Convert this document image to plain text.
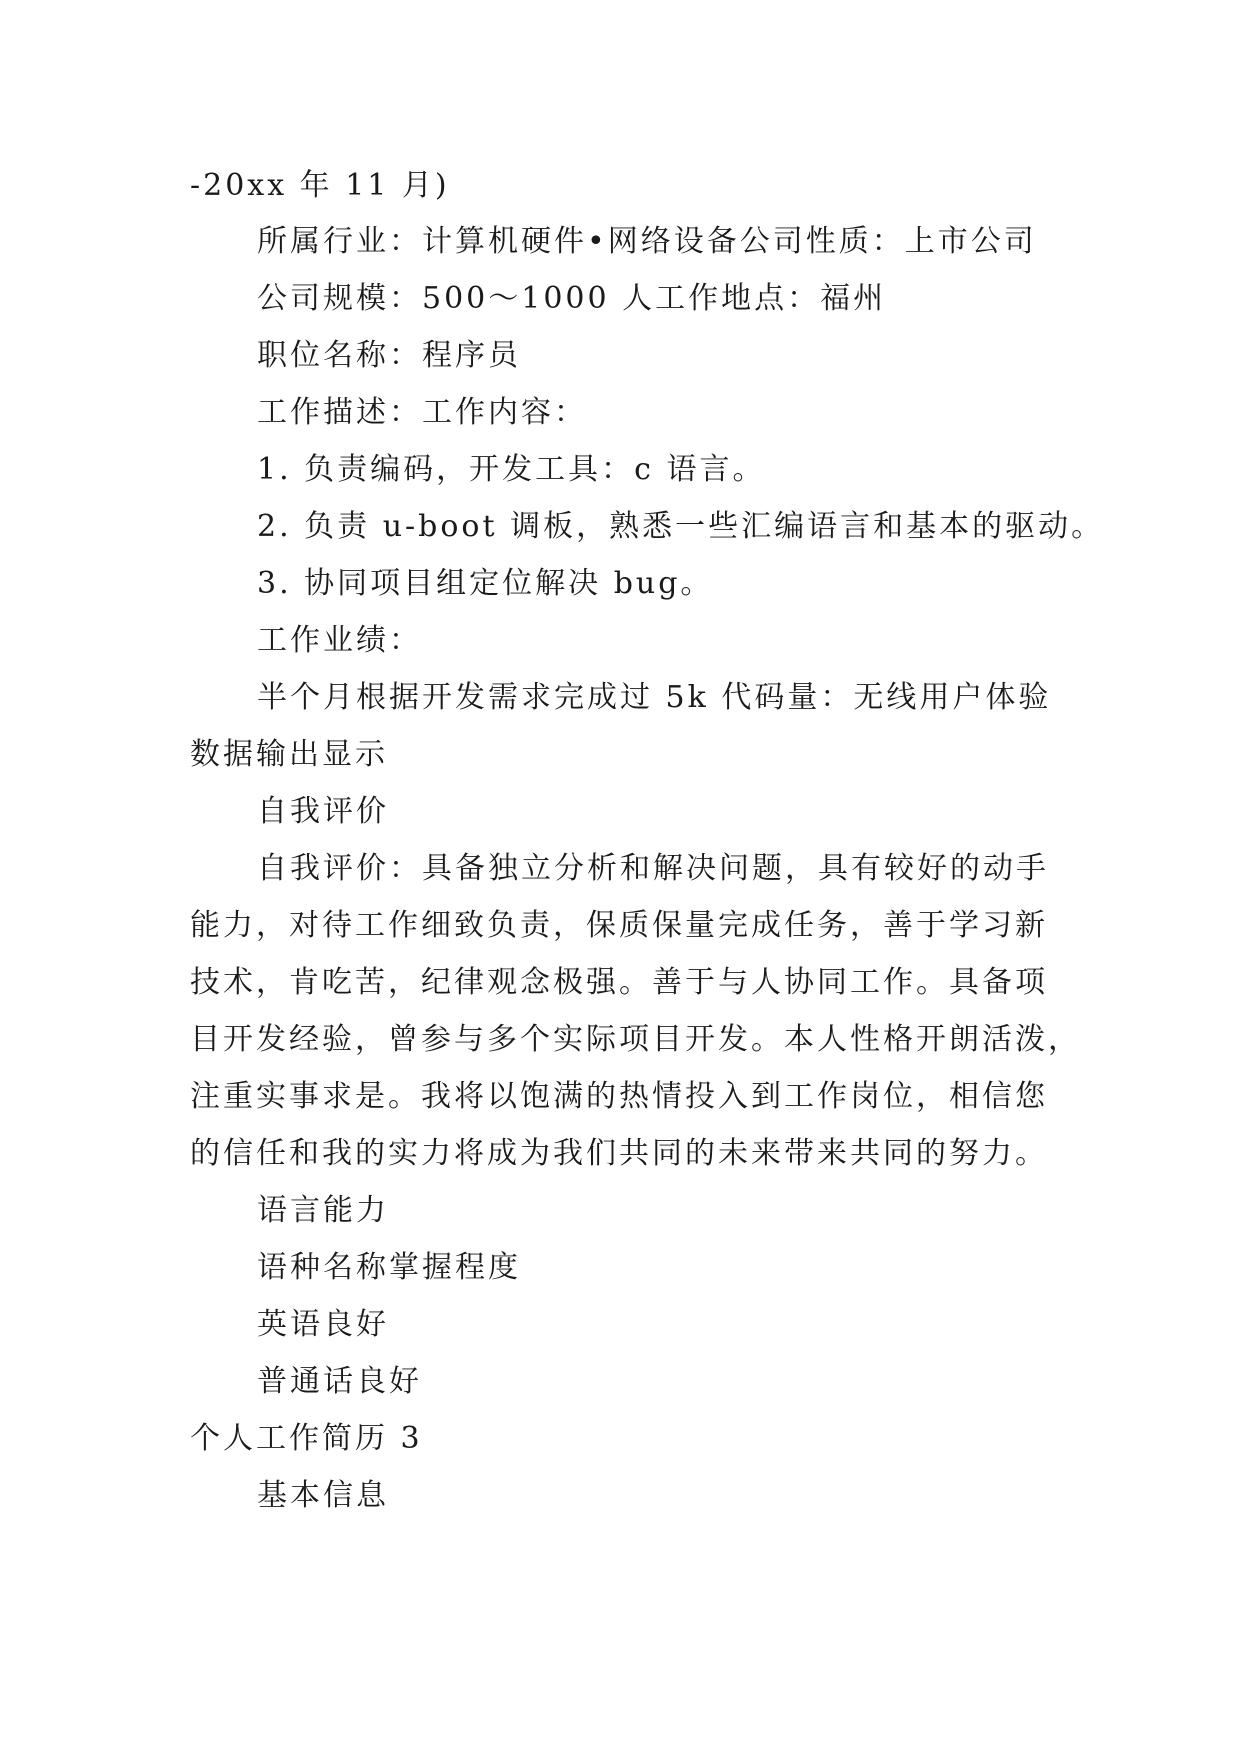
-20xx 年 11 月)
所属行业：计算机硬件•网络设备公司性质：上市公司
公司规模：500～1000 人工作地点：福州
职位名称：程序员
工作描述：工作内容：
1. 负责编码，开发工具：c 语言。
2. 负责 u-boot 调板，熟悉一些汇编语言和基本的驱动。
3. 协同项目组定位解决 bug。
工作业绩：
半个月根据开发需求完成过 5k 代码量：无线用户体验
数据输出显示
自我评价
自我评价：具备独立分析和解决问题，具有较好的动手
能力，对待工作细致负责，保质保量完成任务，善于学习新
技术，肯吃苦，纪律观念极强。善于与人协同工作。具备项
目开发经验，曾参与多个实际项目开发。本人性格开朗活泼，
注重实事求是。我将以饱满的热情投入到工作岗位，相信您
的信任和我的实力将成为我们共同的未来带来共同的努力。
语言能力
语种名称掌握程度
英语良好
普通话良好
个人工作简历 3
基本信息
